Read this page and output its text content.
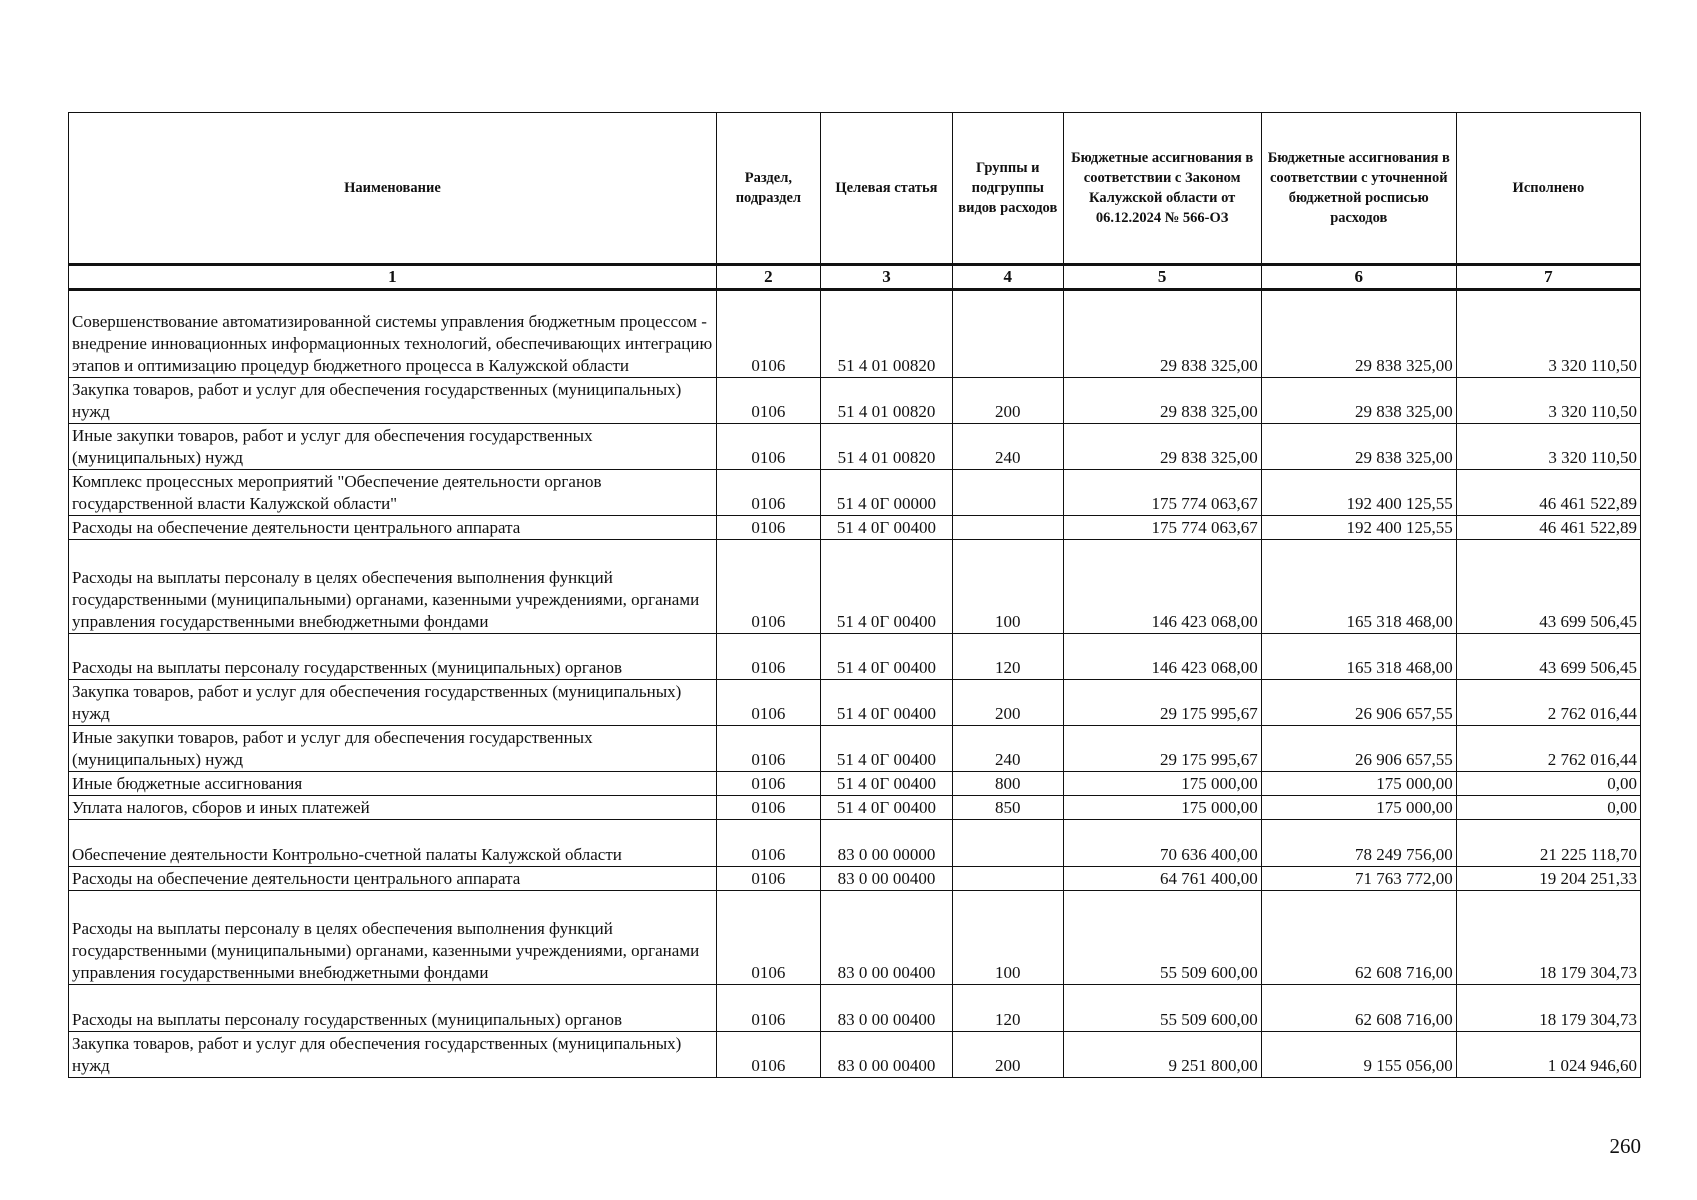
Наименование	Раздел, подраздел	Целевая статья	Группы и подгруппы видов расходов	Бюджетные ассигнования в соответствии с Законом Калужской области от 06.12.2024 № 566-ОЗ	Бюджетные ассигнования в соответствии с уточненной бюджетной росписью расходов	Исполнено
1	2	3	4	5	6	7
Совершенствование автоматизированной системы управления бюджетным процессом - внедрение инновационных информационных технологий, обеспечивающих интеграцию этапов и оптимизацию процедур бюджетного процесса в Калужской области	0106	51 4 01 00820		29 838 325,00	29 838 325,00	3 320 110,50
Закупка товаров, работ и услуг для обеспечения государственных (муниципальных) нужд	0106	51 4 01 00820	200	29 838 325,00	29 838 325,00	3 320 110,50
Иные закупки товаров, работ и услуг для обеспечения государственных (муниципальных) нужд	0106	51 4 01 00820	240	29 838 325,00	29 838 325,00	3 320 110,50
Комплекс процессных мероприятий "Обеспечение деятельности органов государственной власти Калужской области"	0106	51 4 0Г 00000		175 774 063,67	192 400 125,55	46 461 522,89
Расходы на обеспечение деятельности центрального аппарата	0106	51 4 0Г 00400		175 774 063,67	192 400 125,55	46 461 522,89
Расходы на выплаты персоналу в целях обеспечения выполнения функций государственными (муниципальными) органами, казенными учреждениями, органами управления государственными внебюджетными фондами	0106	51 4 0Г 00400	100	146 423 068,00	165 318 468,00	43 699 506,45
Расходы на выплаты персоналу государственных (муниципальных) органов	0106	51 4 0Г 00400	120	146 423 068,00	165 318 468,00	43 699 506,45
Закупка товаров, работ и услуг для обеспечения государственных (муниципальных) нужд	0106	51 4 0Г 00400	200	29 175 995,67	26 906 657,55	2 762 016,44
Иные закупки товаров, работ и услуг для обеспечения государственных (муниципальных) нужд	0106	51 4 0Г 00400	240	29 175 995,67	26 906 657,55	2 762 016,44
Иные бюджетные ассигнования	0106	51 4 0Г 00400	800	175 000,00	175 000,00	0,00
Уплата налогов, сборов и иных платежей	0106	51 4 0Г 00400	850	175 000,00	175 000,00	0,00
Обеспечение деятельности Контрольно-счетной палаты Калужской области	0106	83 0 00 00000		70 636 400,00	78 249 756,00	21 225 118,70
Расходы на обеспечение деятельности центрального аппарата	0106	83 0 00 00400		64 761 400,00	71 763 772,00	19 204 251,33
Расходы на выплаты персоналу в целях обеспечения выполнения функций государственными (муниципальными) органами, казенными учреждениями, органами управления государственными внебюджетными фондами	0106	83 0 00 00400	100	55 509 600,00	62 608 716,00	18 179 304,73
Расходы на выплаты персоналу государственных (муниципальных) органов	0106	83 0 00 00400	120	55 509 600,00	62 608 716,00	18 179 304,73
Закупка товаров, работ и услуг для обеспечения государственных (муниципальных) нужд	0106	83 0 00 00400	200	9 251 800,00	9 155 056,00	1 024 946,60
260
